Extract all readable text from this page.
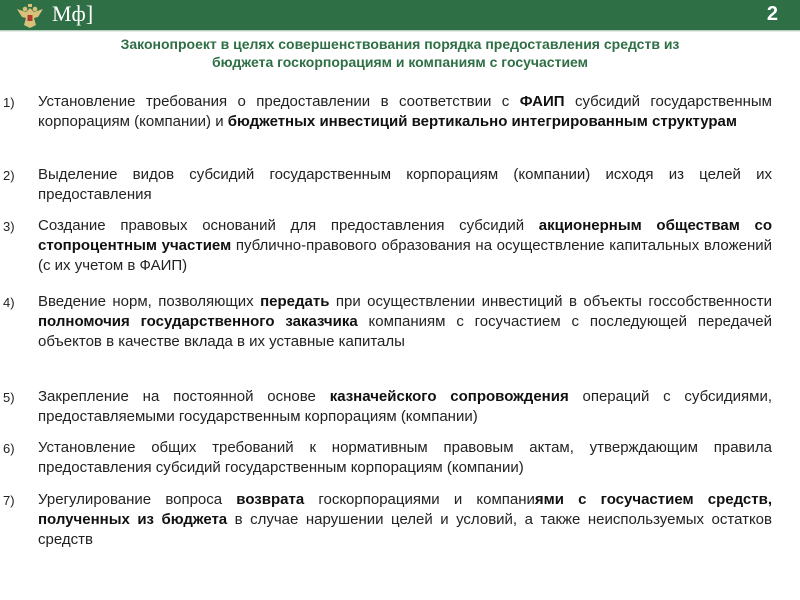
Мф]	2
Законопроект в целях совершенствования порядка предоставления средств из
бюджета госкорпорациям и компаниям с госучастием
1) Установление требования о предоставлении в соответствии с ФАИП субсидий государственным корпорациям (компании) и бюджетных инвестиций вертикально интегрированным структурам
2) Выделение видов субсидий государственным корпорациям (компании) исходя из целей их предоставления
3) Создание правовых оснований для предоставления субсидий акционерным обществам со стопроцентным участием публично-правового образования на осуществление капитальных вложений (с их учетом в ФАИП)
4) Введение норм, позволяющих передать при осуществлении инвестиций в объекты госсобственности полномочия государственного заказчика компаниям с госучастием с последующей передачей объектов в качестве вклада в их уставные капиталы
5) Закрепление на постоянной основе казначейского сопровождения операций с субсидиями, предоставляемыми государственным корпорациям (компании)
6) Установление общих требований к нормативным правовым актам, утверждающим правила предоставления субсидий государственным корпорациям (компании)
7) Урегулирование вопроса возврата госкорпорациями и компаниями с госучастием средств, полученных из бюджета в случае нарушении целей и условий, а также неиспользуемых остатков средств
